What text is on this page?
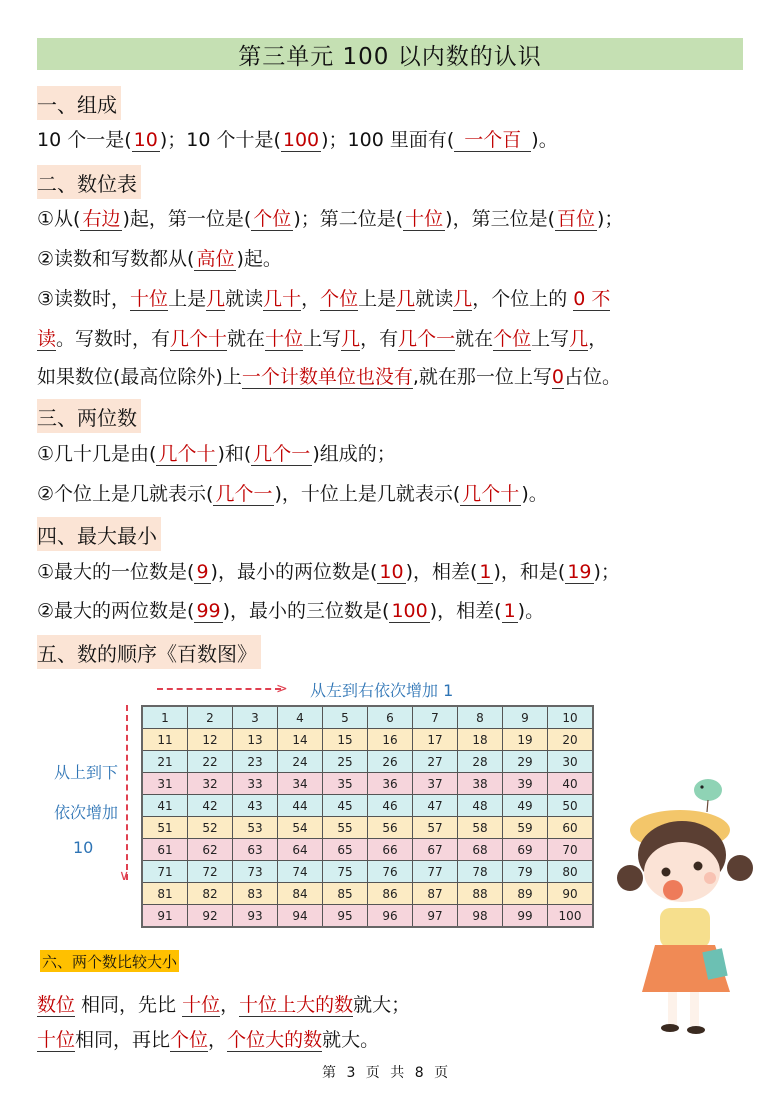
第三单元 100 以内数的认识
一、组成
10 个一是( 10 )；10 个十是( 100 )；100 里面有( 一个百 )。
二、数位表
①从( 右边 )起，第一位是( 个位 )；第二位是( 十位 )，第三位是( 百位 )；
②读数和写数都从( 高位 )起。
③读数时，十位上是几就读几十，个位上是几就读几，个位上的 0 不
读。写数时，有几个十就在十位上写几，有几个一就在个位上写几，
如果数位(最高位除外)上一个计数单位也没有,就在那一位上写0占位。
三、两位数
①几十几是由( 几个十 )和( 几个一 )组成的；
②个位上是几就表示( 几个一 )，十位上是几就表示( 几个十 )。
四、最大最小
①最大的一位数是( 9 )，最小的两位数是( 10 )，相差( 1 )，和是( 19 )；
②最大的两位数是( 99 )，最小的三位数是( 100 )，相差( 1 )。
五、数的顺序《百数图》
> 从左到右依次增加 1
∨
从上到下
依次增加
10
1	2	3	4	5	6	7	8	9	10
11	12	13	14	15	16	17	18	19	20
21	22	23	24	25	26	27	28	29	30
31	32	33	34	35	36	37	38	39	40
41	42	43	44	45	46	47	48	49	50
51	52	53	54	55	56	57	58	59	60
61	62	63	64	65	66	67	68	69	70
71	72	73	74	75	76	77	78	79	80
81	82	83	84	85	86	87	88	89	90
91	92	93	94	95	96	97	98	99	100
六、两个数比较大小
数位 相同，先比 十位，十位上大的数就大；
十位相同，再比个位，个位大的数就大。
第 3 页 共 8 页
